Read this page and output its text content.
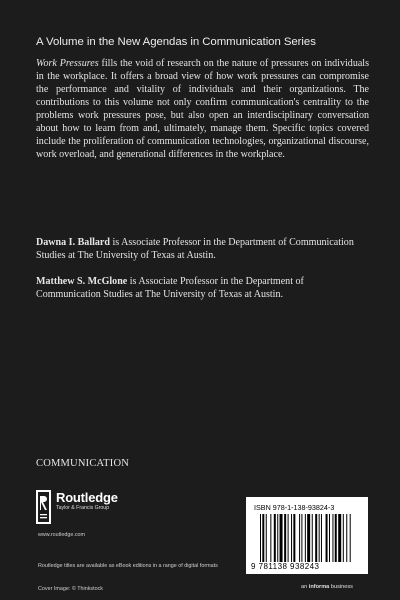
A Volume in the New Agendas in Communication Series

Work Pressures fills the void of research on the nature of pressures on individuals in the workplace. It offers a broad view of how work pressures can compromise the performance and vitality of individuals and their organizations. The contributions to this volume not only confirm communication's centrality to the problems work pressures pose, but also open an interdisciplinary conversation about how to learn from and, ultimately, manage them. Specific topics covered include the proliferation of communication technologies, organizational discourse, work overload, and generational differences in the workplace.

Dawna I. Ballard is Associate Professor in the Department of Communication Studies at The University of Texas at Austin.

Matthew S. McGlone is Associate Professor in the Department of Communication Studies at The University of Texas at Austin.

COMMUNICATION
Routledge
Taylor & Francis Group
www.routledge.com
Routledge titles are available as eBook editions in a range of digital formats
Cover Image: © Thinkstock	an informa business
ISBN 978-1-138-93824-3
9 781138 938243
